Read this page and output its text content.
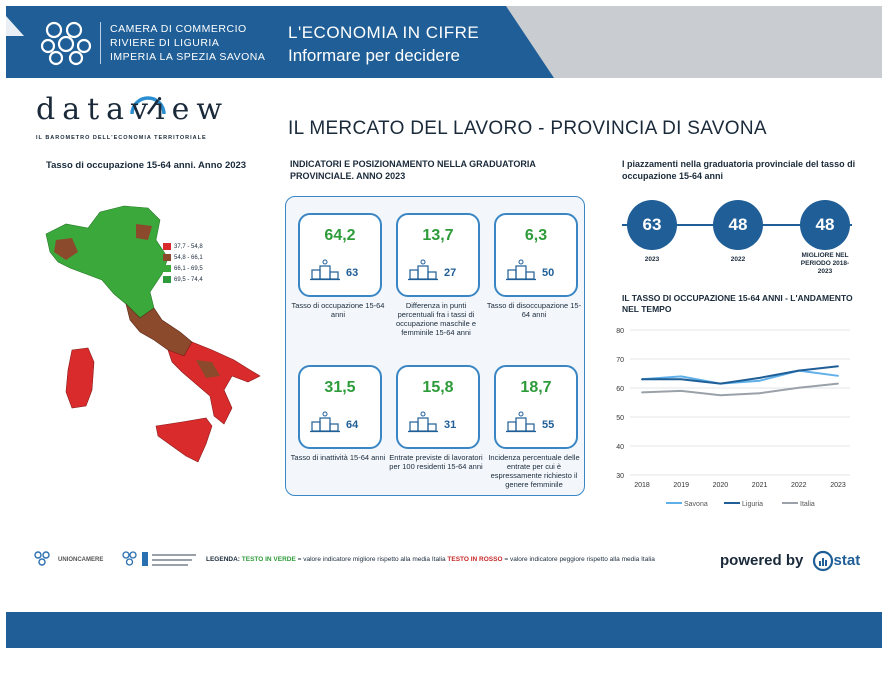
CAMERA DI COMMERCIO
RIVIERE DI LIGURIA
IMPERIA LA SPEZIA SAVONA
L'ECONOMIA IN CIFRE
Informare per decidere
dataview
IL BAROMETRO DELL'ECONOMIA TERRITORIALE	IL MERCATO DEL LAVORO - PROVINCIA DI SAVONA
Tasso di occupazione 15-64 anni. Anno 2023
37,7 - 54,8
54,8 - 66,1
66,1 - 69,5
69,5 - 74,4
INDICATORI E POSIZIONAMENTO NELLA GRADUATORIA PROVINCIALE. ANNO 2023
64,2
63
Tasso di occupazione 15-64 anni
13,7
27
Differenza in punti percentuali fra i tassi di occupazione maschile e femminile 15-64 anni
6,3
50
Tasso di disoccupazione 15-64 anni
31,5
64
Tasso di inattività 15-64 anni
15,8
31
Entrate previste di lavoratori per 100 residenti 15-64 anni
18,7
55
Incidenza percentuale delle entrate per cui è espressamente richiesto il genere femminile
I piazzamenti nella graduatoria provinciale del tasso di occupazione 15-64 anni
63	48	48
2023	2022
MIGLIORE NEL PERIODO 2018-2023
IL TASSO DI OCCUPAZIONE 15-64 ANNI - L'ANDAMENTO NEL TEMPO
30
40
50
60
70
80
2018	2019	2020	2021	2022	2023
Savona	Liguria	Italia
UNIONCAMERE	LEGENDA: TESTO IN VERDE = valore indicatore migliore rispetto alla media Italia TESTO IN ROSSO = valore indicatore peggiore rispetto alla media Italia	powered by stat
